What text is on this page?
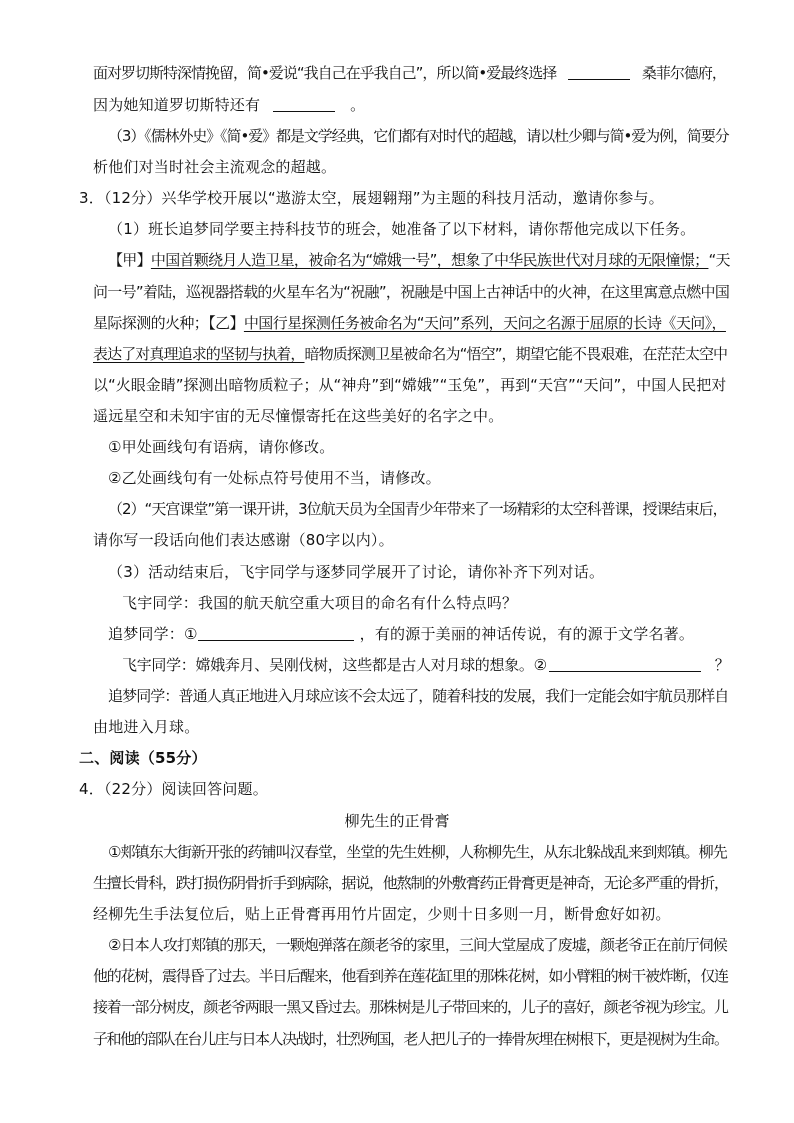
面对罗切斯特深情挽留，简•爱说“我自己在乎我自己”，所以简•爱最终选择	桑菲尔德府，
因为她知道罗切斯特还有	。
（3）《儒林外史》《简•爱》都是文学经典，它们都有对时代的超越，请以杜少卿与简•爱为例，简要分
析他们对当时社会主流观念的超越。
3．（12分）兴华学校开展以“遨游太空，展翅翱翔”为主题的科技月活动，邀请你参与。
（1）班长追梦同学要主持科技节的班会，她准备了以下材料，请你帮他完成以下任务。
【甲】中国首颗绕月人造卫星，被命名为“嫦娥一号”，想象了中华民族世代对月球的无限憧憬；“天
问一号”着陆，巡视器搭载的火星车名为“祝融”，祝融是中国上古神话中的火神，在这里寓意点燃中国
星际探测的火种；【乙】中国行星探测任务被命名为“天问”系列，天问之名源于屈原的长诗《天问》，
表达了对真理追求的坚韧与执着，暗物质探测卫星被命名为“悟空”，期望它能不畏艰难，在茫茫太空中
以“火眼金睛”探测出暗物质粒子；从“神舟”到“嫦娥”“玉兔”，再到“天宫”“天问”，中国人民把对
遥远星空和未知宇宙的无尽憧憬寄托在这些美好的名字之中。
①甲处画线句有语病，请你修改。
②乙处画线句有一处标点符号使用不当，请修改。
（2）“天宫课堂”第一课开讲，3位航天员为全国青少年带来了一场精彩的太空科普课，授课结束后，
请你写一段话向他们表达感谢（80字以内）。
（3）活动结束后，飞宇同学与逐梦同学展开了讨论，请你补齐下列对话。
飞宇同学：我国的航天航空重大项目的命名有什么特点吗？
追梦同学：①	，有的源于美丽的神话传说，有的源于文学名著。
飞宇同学：嫦娥奔月、吴刚伐树，这些都是古人对月球的想象。②	？
追梦同学：普通人真正地进入月球应该不会太远了，随着科技的发展，我们一定能会如宇航员那样自
由地进入月球。
二、阅读（55分）
4．（22分）阅读回答问题。
柳先生的正骨膏
①郏镇东大街新开张的药铺叫汉春堂，坐堂的先生姓柳，人称柳先生，从东北躲战乱来到郏镇。柳先
生擅长骨科，跌打损伤阴骨折手到病除，据说，他熬制的外敷膏药正骨膏更是神奇，无论多严重的骨折，
经柳先生手法复位后，贴上正骨膏再用竹片固定，少则十日多则一月，断骨愈好如初。
②日本人攻打郏镇的那天，一颗炮弹落在颜老爷的家里，三间大堂屋成了废墟，颜老爷正在前厅伺候
他的花树，震得昏了过去。半日后醒来，他看到养在莲花缸里的那株花树，如小臂粗的树干被炸断，仅连
接着一部分树皮，颜老爷两眼一黑又昏过去。那株树是儿子带回来的，儿子的喜好，颜老爷视为珍宝。儿
子和他的部队在台儿庄与日本人决战时，壮烈殉国，老人把儿子的一捧骨灰埋在树根下，更是视树为生命。
